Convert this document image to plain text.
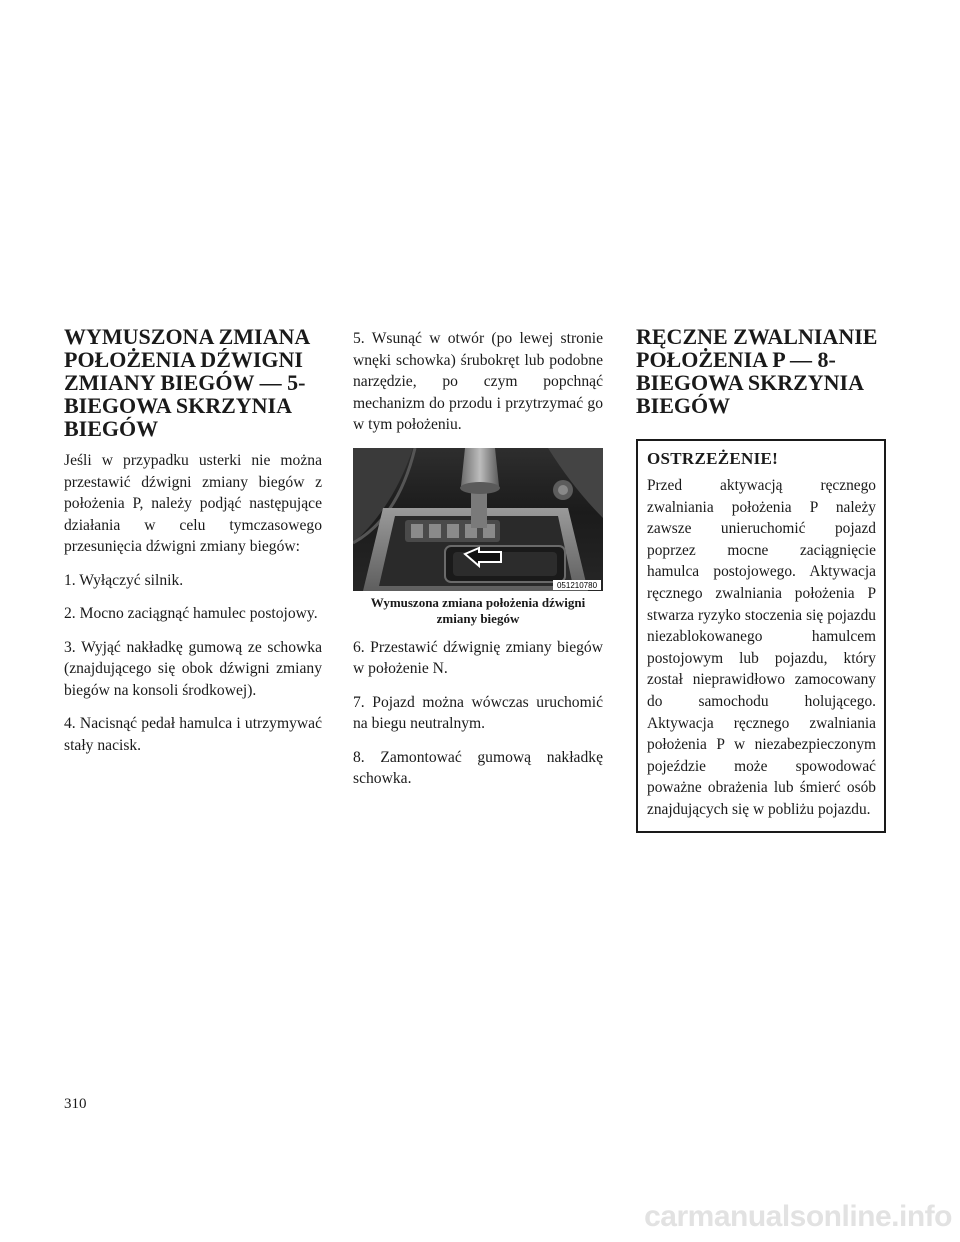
WYMUSZONA ZMIANA POŁOŻENIA DŹWIGNI ZMIANY BIEGÓW — 5-BIEGOWA SKRZYNIA BIEGÓW

Jeśli w przypadku usterki nie można przestawić dźwigni zmiany biegów z położenia P, należy podjąć następujące działania w celu tymczasowego przesunięcia dźwigni zmiany biegów:

1. Wyłączyć silnik.

2. Mocno zaciągnąć hamulec postojowy.

3. Wyjąć nakładkę gumową ze schowka (znajdującego się obok dźwigni zmiany biegów na konsoli środkowej).

4. Nacisnąć pedał hamulca i utrzymywać stały nacisk.

5. Wsunąć w otwór (po lewej stronie wnęki schowka) śrubokręt lub podobne narzędzie, po czym popchnąć mechanizm do przodu i przytrzymać go w tym położeniu.

051210780
Wymuszona zmiana położenia dźwigni zmiany biegów

6. Przestawić dźwignię zmiany biegów w położenie N.

7. Pojazd można wówczas uruchomić na biegu neutralnym.

8. Zamontować gumową nakładkę schowka.

RĘCZNE ZWALNIANIE POŁOŻENIA P — 8-BIEGOWA SKRZYNIA BIEGÓW
OSTRZEŻENIE!

Przed aktywacją ręcznego zwalniania położenia P należy zawsze unieruchomić pojazd poprzez mocne zaciągnięcie hamulca postojowego. Aktywacja ręcznego zwalniania położenia P stwarza ryzyko stoczenia się pojazdu niezablokowanego hamulcem postojowym lub pojazdu, który został nieprawidłowo zamocowany do samochodu holującego. Aktywacja ręcznego zwalniania położenia P w niezabezpieczonym pojeździe może spowodować poważne obrażenia lub śmierć osób znajdujących się w pobliżu pojazdu.

310
carmanualsonline.info
